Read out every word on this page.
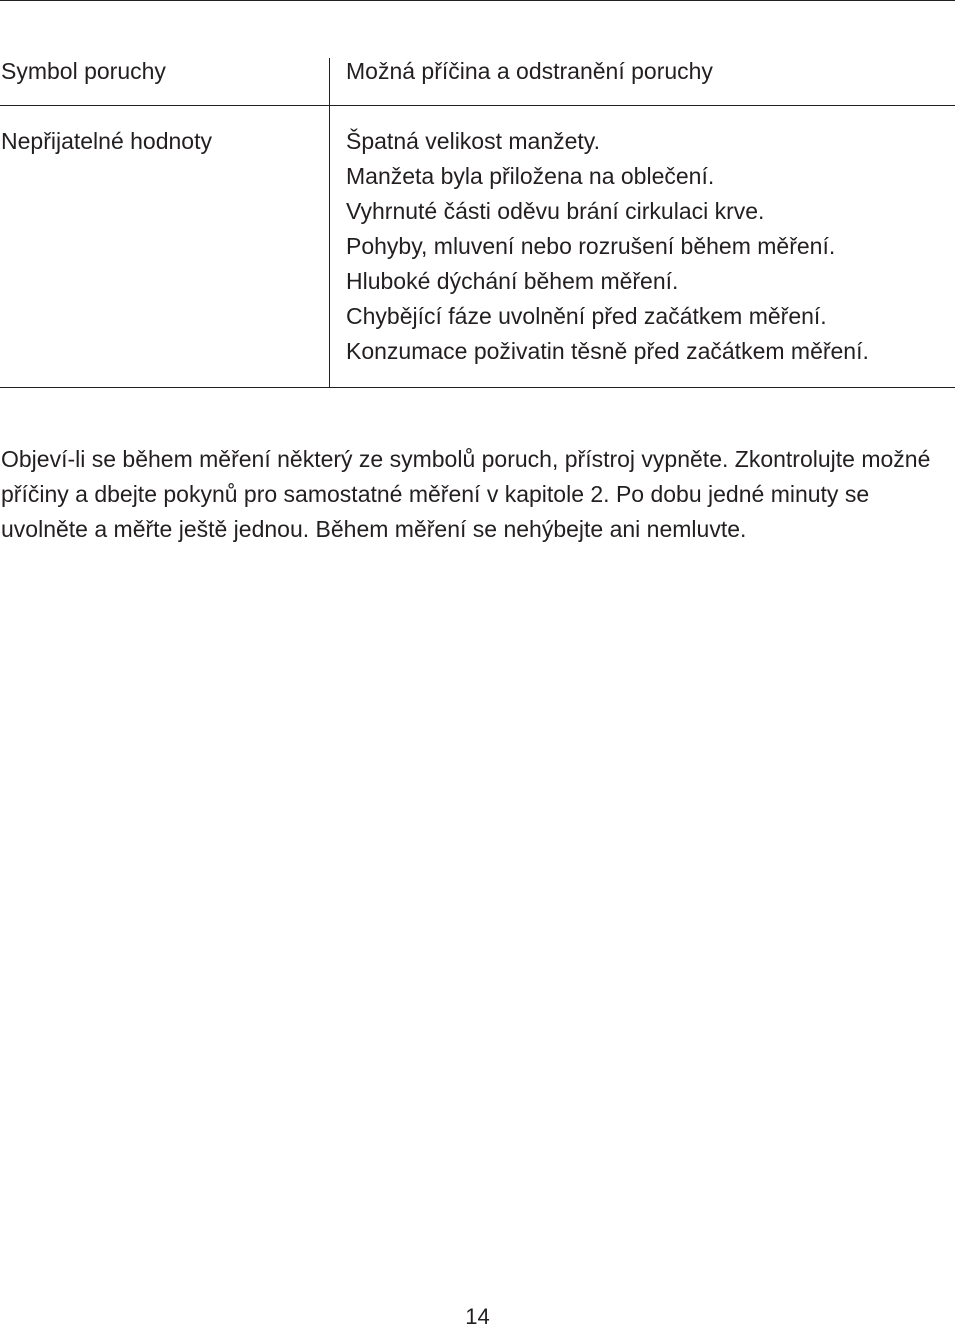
Symbol poruchy	Možná příčina a odstranění poruchy

Nepřijatelné hodnoty	Špatná velikost manžety.
Manžeta byla přiložena na oblečení.
Vyhrnuté části oděvu brání cirkulaci krve.
Pohyby, mluvení nebo rozrušení během měření.
Hluboké dýchání během měření.
Chybějící fáze uvolnění před začátkem měření.
Konzumace poživatin těsně před začátkem měření.

Objeví-li se během měření některý ze symbolů poruch, přístroj vypněte. Zkontrolujte možné příčiny a dbejte pokynů pro samostatné měření v kapitole 2. Po dobu jedné minuty se uvolněte a měřte ještě jednou. Během měření se nehýbejte ani nemluvte.

14
